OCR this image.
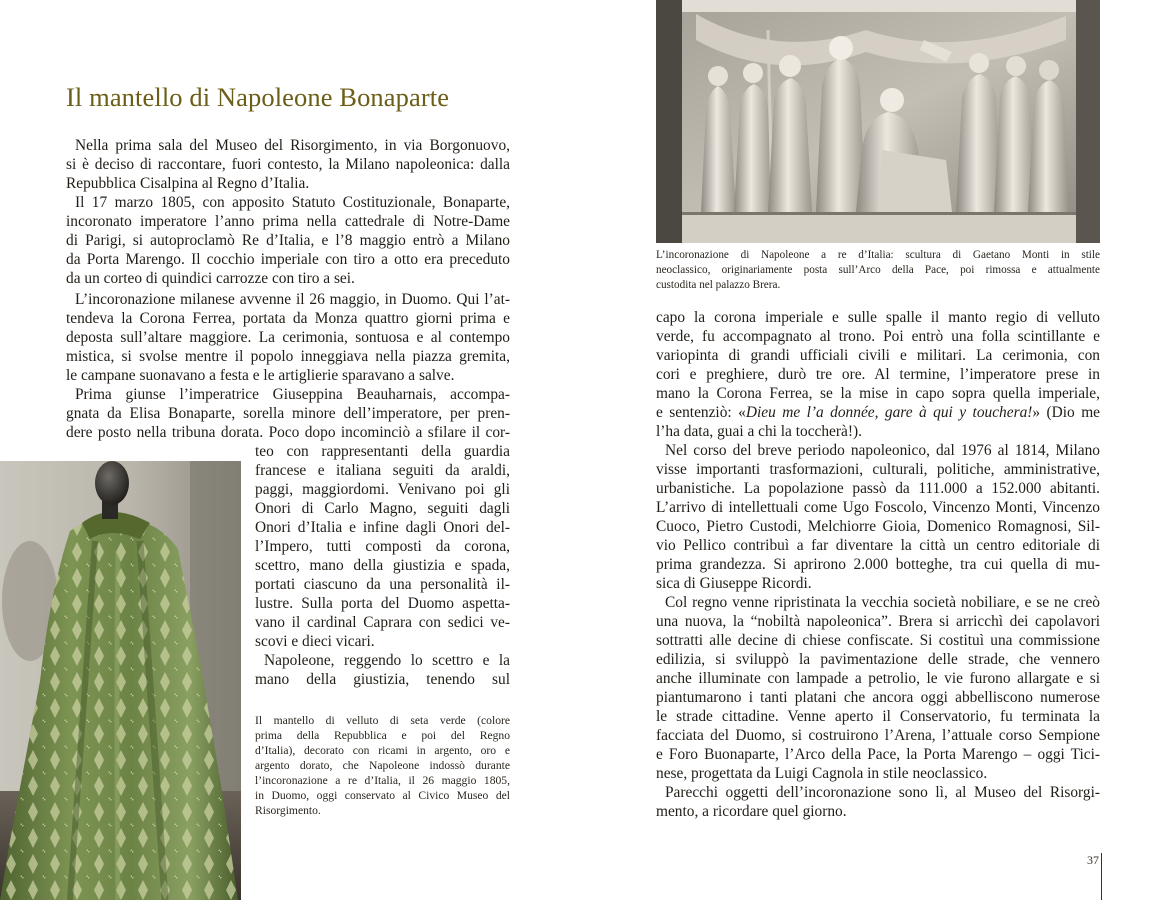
Il mantello di Napoleone Bonaparte
Nella prima sala del Museo del Risorgimento, in via Borgonuovo,
si è deciso di raccontare, fuori contesto, la Milano napoleonica: dalla
Repubblica Cisalpina al Regno d’Italia.
Il 17 marzo 1805, con apposito Statuto Costituzionale, Bonaparte,
incoronato imperatore l’anno prima nella cattedrale di Notre-Dame
di Parigi, si autoproclamò Re d’Italia, e l’8 maggio entrò a Milano
da Porta Marengo. Il cocchio imperiale con tiro a otto era preceduto
da un corteo di quindici carrozze con tiro a sei.
L’incoronazione milanese avvenne il 26 maggio, in Duomo. Qui l’at-
tendeva la Corona Ferrea, portata da Monza quattro giorni prima e
deposta sull’altare maggiore. La cerimonia, sontuosa e al contempo
mistica, si svolse mentre il popolo inneggiava nella piazza gremita,
le campane suonavano a festa e le artiglierie sparavano a salve.
Prima giunse l’imperatrice Giuseppina Beauharnais, accompa-
gnata da Elisa Bonaparte, sorella minore dell’imperatore, per pren-
dere posto nella tribuna dorata. Poco dopo incominciò a sfilare il cor-
teo con rappresentanti della guardia
francese e italiana seguiti da araldi,
paggi, maggiordomi. Venivano poi gli
Onori di Carlo Magno, seguiti dagli
Onori d’Italia e infine dagli Onori del-
l’Impero, tutti composti da corona,
scettro, mano della giustizia e spada,
portati ciascuno da una personalità il-
lustre. Sulla porta del Duomo aspetta-
vano il cardinal Caprara con sedici ve-
scovi e dieci vicari.
Napoleone, reggendo lo scettro e la
mano della giustizia, tenendo sul
Il mantello di velluto di seta verde (colore
prima della Repubblica e poi del Regno
d’Italia), decorato con ricami in argento, oro e
argento dorato, che Napoleone indossò durante
l’incoronazione a re d’Italia, il 26 maggio 1805,
in Duomo, oggi conservato al Civico Museo del
Risorgimento.
L’incoronazione di Napoleone a re d’Italia: scultura di Gaetano Monti in stile
neoclassico, originariamente posta sull’Arco della Pace, poi rimossa e attualmente
custodita nel palazzo Brera.
capo la corona imperiale e sulle spalle il manto regio di velluto
verde, fu accompagnato al trono. Poi entrò una folla scintillante e
variopinta di grandi ufficiali civili e militari. La cerimonia, con
cori e preghiere, durò tre ore. Al termine, l’imperatore prese in
mano la Corona Ferrea, se la mise in capo sopra quella imperiale,
e sentenziò: «Dieu me l’a donnée, gare à qui y touchera!» (Dio me
l’ha data, guai a chi la toccherà!).
Nel corso del breve periodo napoleonico, dal 1976 al 1814, Milano
visse importanti trasformazioni, culturali, politiche, amministrative,
urbanistiche. La popolazione passò da 111.000 a 152.000 abitanti.
L’arrivo di intellettuali come Ugo Foscolo, Vincenzo Monti, Vincenzo
Cuoco, Pietro Custodi, Melchiorre Gioia, Domenico Romagnosi, Sil-
vio Pellico contribuì a far diventare la città un centro editoriale di
prima grandezza. Si aprirono 2.000 botteghe, tra cui quella di mu-
sica di Giuseppe Ricordi.
Col regno venne ripristinata la vecchia società nobiliare, e se ne creò
una nuova, la “nobiltà napoleonica”. Brera si arricchì dei capolavori
sottratti alle decine di chiese confiscate. Si costituì una commissione
edilizia, si sviluppò la pavimentazione delle strade, che vennero
anche illuminate con lampade a petrolio, le vie furono allargate e si
piantumarono i tanti platani che ancora oggi abbelliscono numerose
le strade cittadine. Venne aperto il Conservatorio, fu terminata la
facciata del Duomo, si costruirono l’Arena, l’attuale corso Sempione
e Foro Buonaparte, l’Arco della Pace, la Porta Marengo – oggi Tici-
nese, progettata da Luigi Cagnola in stile neoclassico.
Parecchi oggetti dell’incoronazione sono lì, al Museo del Risorgi-
mento, a ricordare quel giorno.
37
